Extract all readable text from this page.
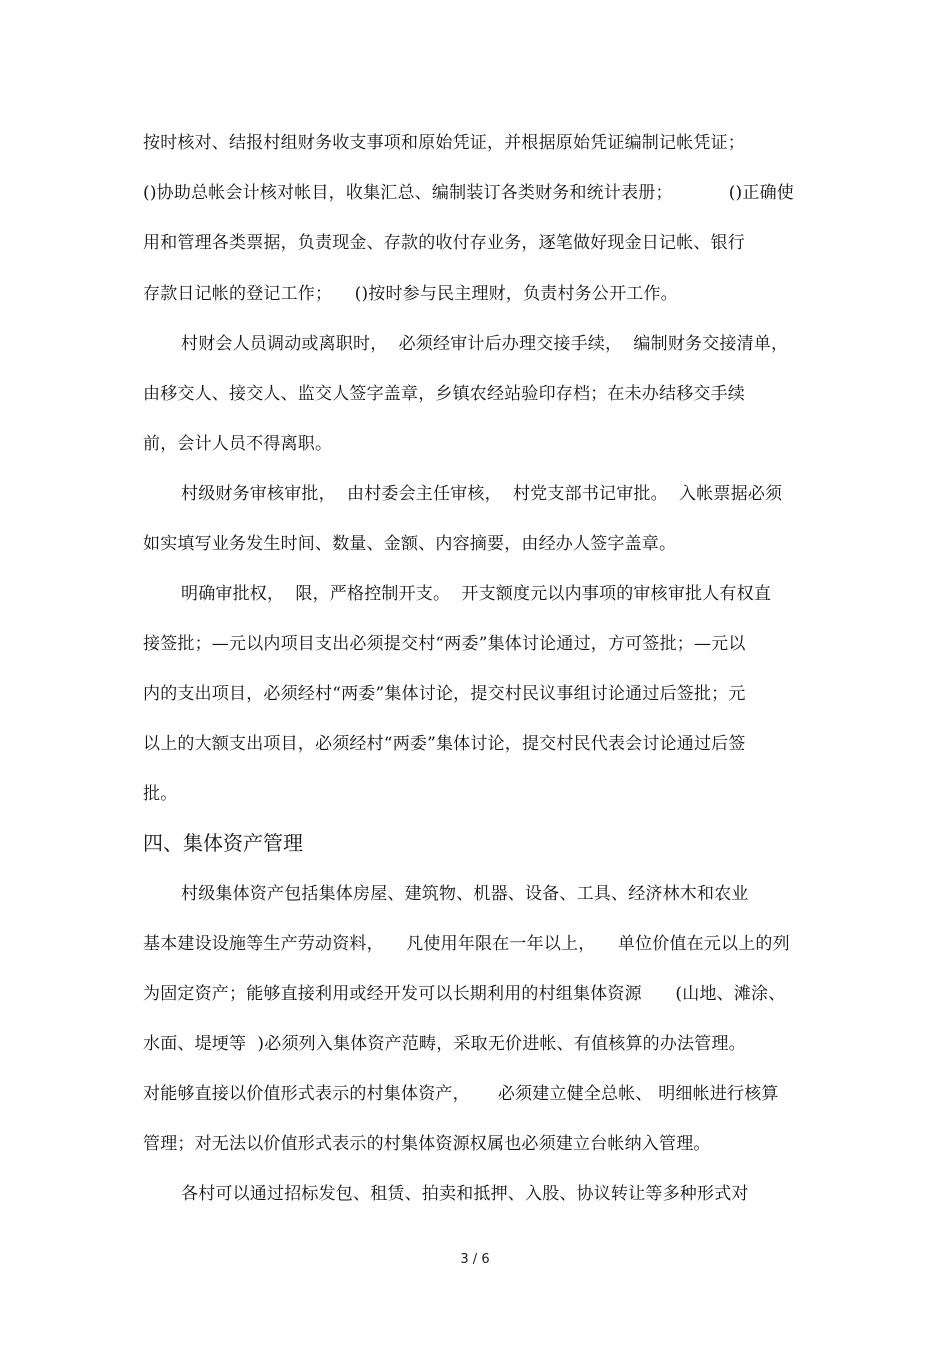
按时核对、结报村组财务收支事项和原始凭证，并根据原始凭证编制记帐凭证；
()协助总帐会计核对帐目，收集汇总、编制装订各类财务和统计表册；          ()正确使
用和管理各类票据，负责现金、存款的收付存业务，逐笔做好现金日记帐、银行
存款日记帐的登记工作；    ()按时参与民主理财，负责村务公开工作。
村财会人员调动或离职时，  必须经审计后办理交接手续，  编制财务交接清单，
由移交人、接交人、监交人签字盖章，乡镇农经站验印存档；在未办结移交手续
前，会计人员不得离职。
村级财务审核审批，  由村委会主任审核，  村党支部书记审批。  入帐票据必须
如实填写业务发生时间、数量、金额、内容摘要，由经办人签字盖章。
明确审批权，  限，严格控制开支。  开支额度元以内事项的审核审批人有权直
接签批；—元以内项目支出必须提交村“两委”集体讨论通过，方可签批；—元以
内的支出项目，必须经村“两委”集体讨论，提交村民议事组讨论通过后签批；元
以上的大额支出项目，必须经村“两委”集体讨论，提交村民代表会讨论通过后签
批。
四、集体资产管理
村级集体资产包括集体房屋、建筑物、机器、设备、工具、经济林木和农业
基本建设设施等生产劳动资料，    凡使用年限在一年以上，    单位价值在元以上的列
为固定资产；能够直接利用或经开发可以长期利用的村组集体资源      (山地、滩涂、
水面、堤埂等  )必须列入集体资产范畴，采取无价进帐、有值核算的办法管理。
对能够直接以价值形式表示的村集体资产，     必须建立健全总帐、 明细帐进行核算
管理；对无法以价值形式表示的村集体资源权属也必须建立台帐纳入管理。
各村可以通过招标发包、租赁、拍卖和抵押、入股、协议转让等多种形式对
3 / 6
